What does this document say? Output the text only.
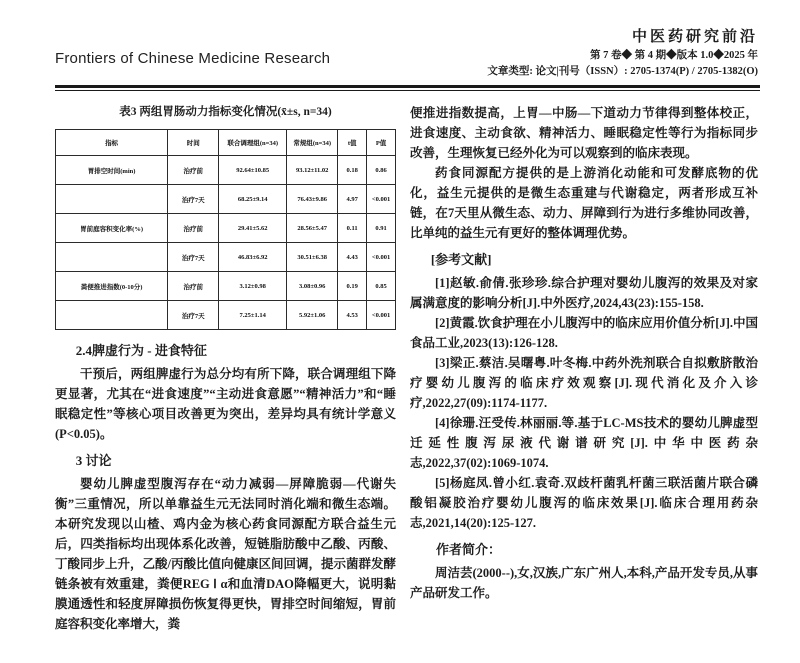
Frontiers of Chinese Medicine Research
中医药研究前沿
第 7 卷◆ 第 4 期◆版本 1.0◆2025 年
文章类型: 论文|刊号（ISSN）: 2705-1374(P) / 2705-1382(O)
表3 两组胃肠动力指标变化情况(x̄±s, n=34)
指标	时间	联合调理组(n=34)	常规组(n=34)	t值	P值
胃排空时间(min)	治疗前	92.64±10.85	93.12±11.02	0.18	0.86
	治疗7天	68.25±9.14	76.43±9.86	4.97	<0.001
胃前庭容积变化率(%)	治疗前	29.41±5.62	28.56±5.47	0.11	0.91
	治疗7天	46.83±6.92	30.51±6.38	4.43	<0.001
粪便推进指数(0-10分)	治疗前	3.12±0.98	3.08±0.96	0.19	0.85
	治疗7天	7.25±1.14	5.92±1.06	4.53	<0.001
2.4脾虚行为 - 进食特征

干预后，两组脾虚行为总分均有所下降，联合调理组下降更显著，尤其在“进食速度”“主动进食意愿”“精神活力”和“睡眠稳定性”等核心项目改善更为突出，差异均具有统计学意义(P<0.05)。

3 讨论

婴幼儿脾虚型腹泻存在“动力减弱—屏障脆弱—代谢失衡”三重情况，所以单靠益生元无法同时消化端和微生态端。本研究发现以山楂、鸡内金为核心药食同源配方联合益生元后，四类指标均出现体系化改善，短链脂肪酸中乙酸、丙酸、丁酸同步上升，乙酸/丙酸比值向健康区间回调，提示菌群发酵链条被有效重建，粪便REG Ⅰ α和血清DAO降幅更大，说明黏膜通透性和轻度屏障损伤恢复得更快，胃排空时间缩短，胃前庭容积变化率增大，粪

便推进指数提高，上胃—中肠—下道动力节律得到整体校正，进食速度、主动食欲、精神活力、睡眠稳定性等行为指标同步改善，生理恢复已经外化为可以观察到的临床表现。

药食同源配方提供的是上游消化动能和可发酵底物的优化，益生元提供的是微生态重建与代谢稳定，两者形成互补链，在7天里从微生态、动力、屏障到行为进行多维协同改善，比单纯的益生元有更好的整体调理优势。

[参考文献]

[1]赵敏.俞倩.张珍珍.综合护理对婴幼儿腹泻的效果及对家属满意度的影响分析[J].中外医疗,2024,43(23):155-158.

[2]黄霞.饮食护理在小儿腹泻中的临床应用价值分析[J].中国食品工业,2023(13):126-128.

[3]梁正.蔡洁.吴曙粤.叶冬梅.中药外洗剂联合自拟敷脐散治疗婴幼儿腹泻的临床疗效观察[J].现代消化及介入诊疗,2022,27(09):1174-1177.

[4]徐珊.汪受传.林丽丽.等.基于LC-MS技术的婴幼儿脾虚型迁延性腹泻尿液代谢谱研究[J].中华中医药杂志,2022,37(02):1069-1074.

[5]杨庭凤.曾小红.袁奇.双歧杆菌乳杆菌三联活菌片联合磷酸铝凝胶治疗婴幼儿腹泻的临床效果[J].临床合理用药杂志,2021,14(20):125-127.

作者简介：

周洁芸(2000--),女,汉族,广东广州人,本科,产品开发专员,从事产品研发工作。
